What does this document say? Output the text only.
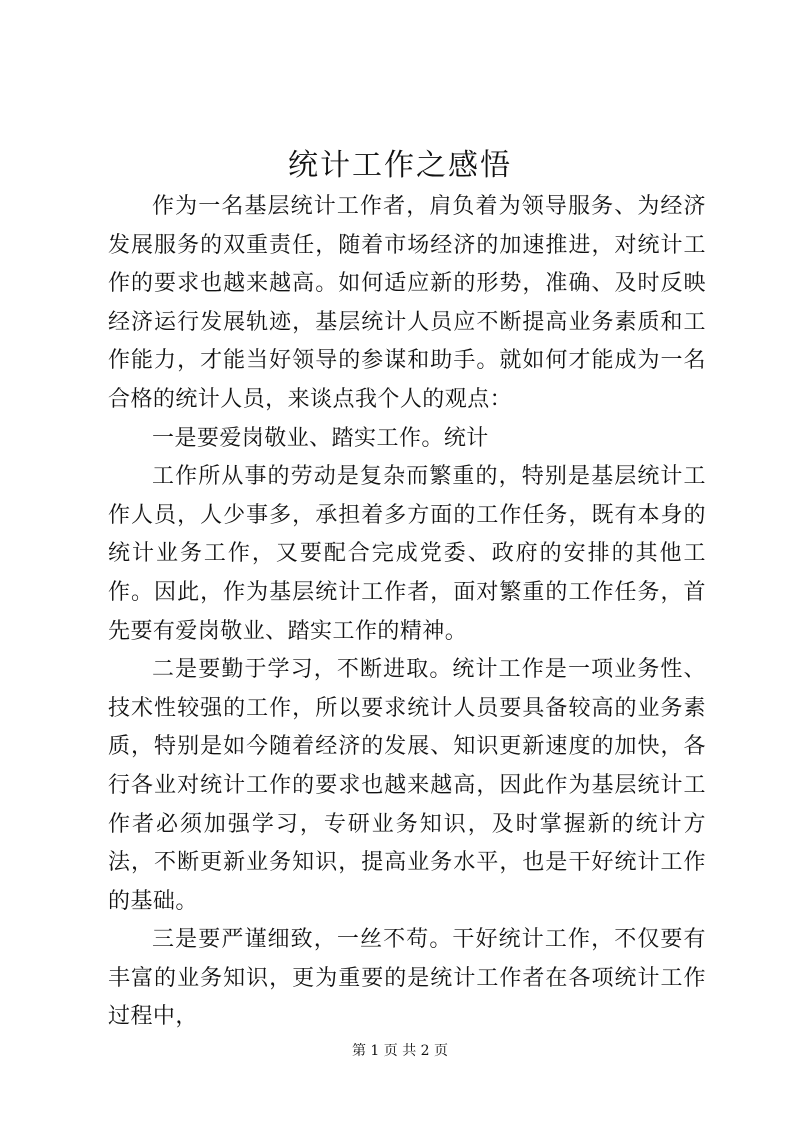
统计工作之感悟

作为一名基层统计工作者，肩负着为领导服务、为经济发展服务的双重责任，随着市场经济的加速推进，对统计工作的要求也越来越高。如何适应新的形势，准确、及时反映经济运行发展轨迹，基层统计人员应不断提高业务素质和工作能力，才能当好领导的参谋和助手。就如何才能成为一名合格的统计人员，来谈点我个人的观点：

一是要爱岗敬业、踏实工作。统计

工作所从事的劳动是复杂而繁重的，特别是基层统计工作人员，人少事多，承担着多方面的工作任务，既有本身的统计业务工作，又要配合完成党委、政府的安排的其他工作。因此，作为基层统计工作者，面对繁重的工作任务，首先要有爱岗敬业、踏实工作的精神。

二是要勤于学习，不断进取。统计工作是一项业务性、技术性较强的工作，所以要求统计人员要具备较高的业务素质，特别是如今随着经济的发展、知识更新速度的加快，各行各业对统计工作的要求也越来越高，因此作为基层统计工作者必须加强学习，专研业务知识，及时掌握新的统计方法，不断更新业务知识，提高业务水平，也是干好统计工作的基础。

三是要严谨细致，一丝不苟。干好统计工作，不仅要有丰富的业务知识，更为重要的是统计工作者在各项统计工作过程中，

第 1 页 共 2 页
